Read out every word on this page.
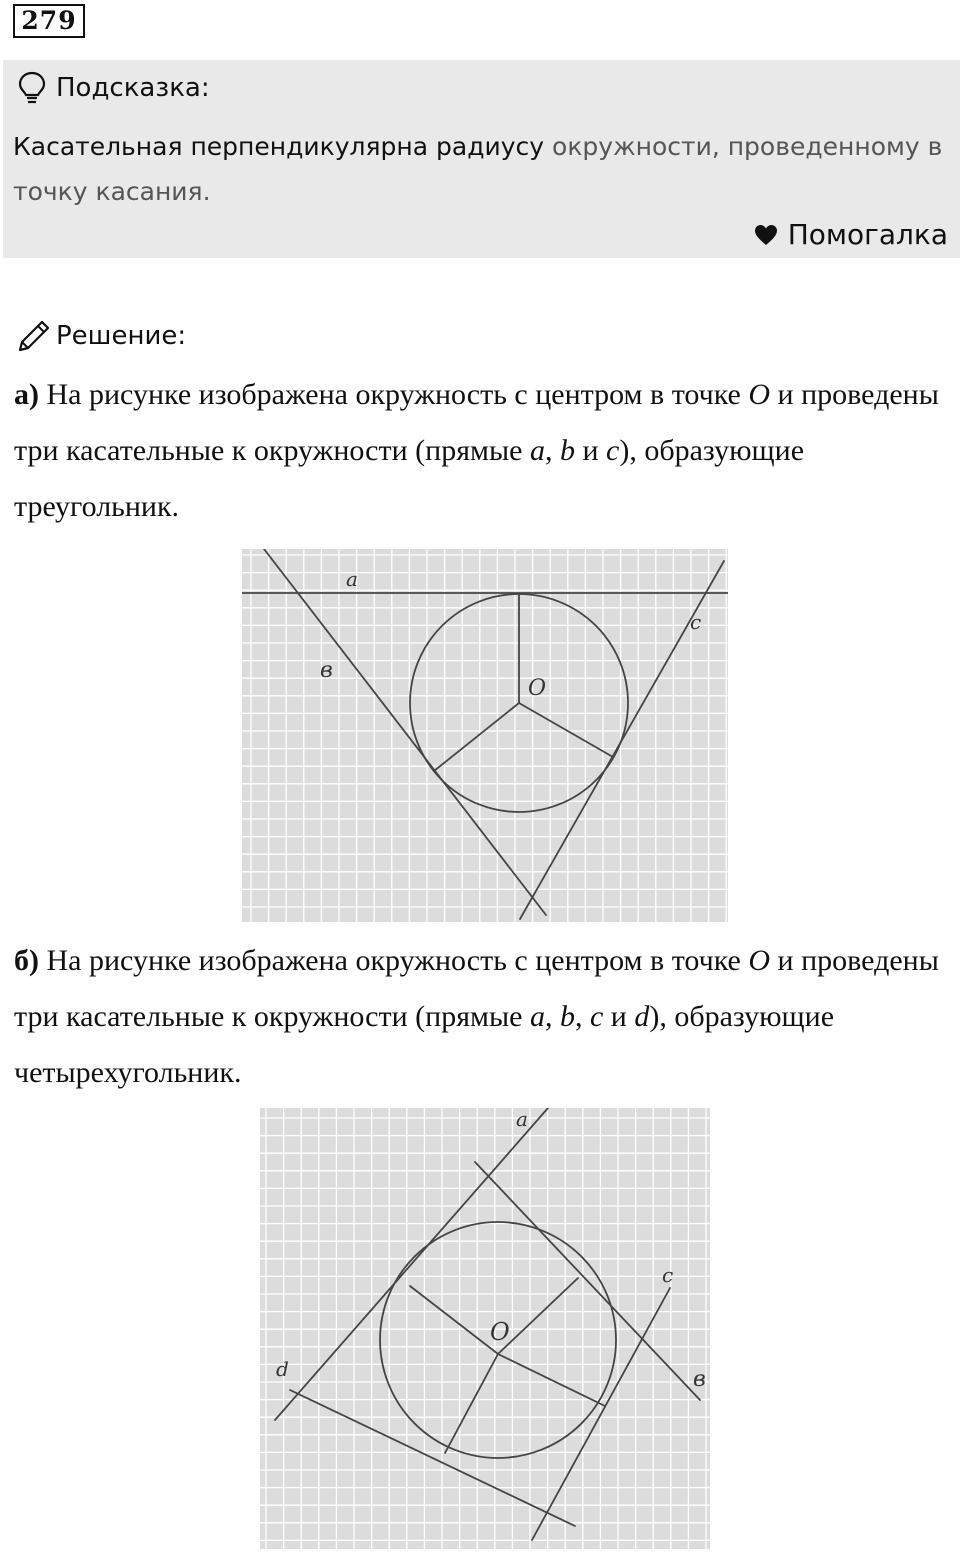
279
Подсказка:
Касательная перпендикулярна радиусу окружности, проведенному в точку касания.
Помогалка
Решение:
а) На рисунке изображена окружность с центром в точке O и проведены три касательные к окружности (прямые a, b и c), образующие треугольник.
a
в
c
O
б) На рисунке изображена окружность с центром в точке O и проведены три касательные к окружности (прямые a, b, c и d), образующие четырехугольник.
a
в
c
d
O
